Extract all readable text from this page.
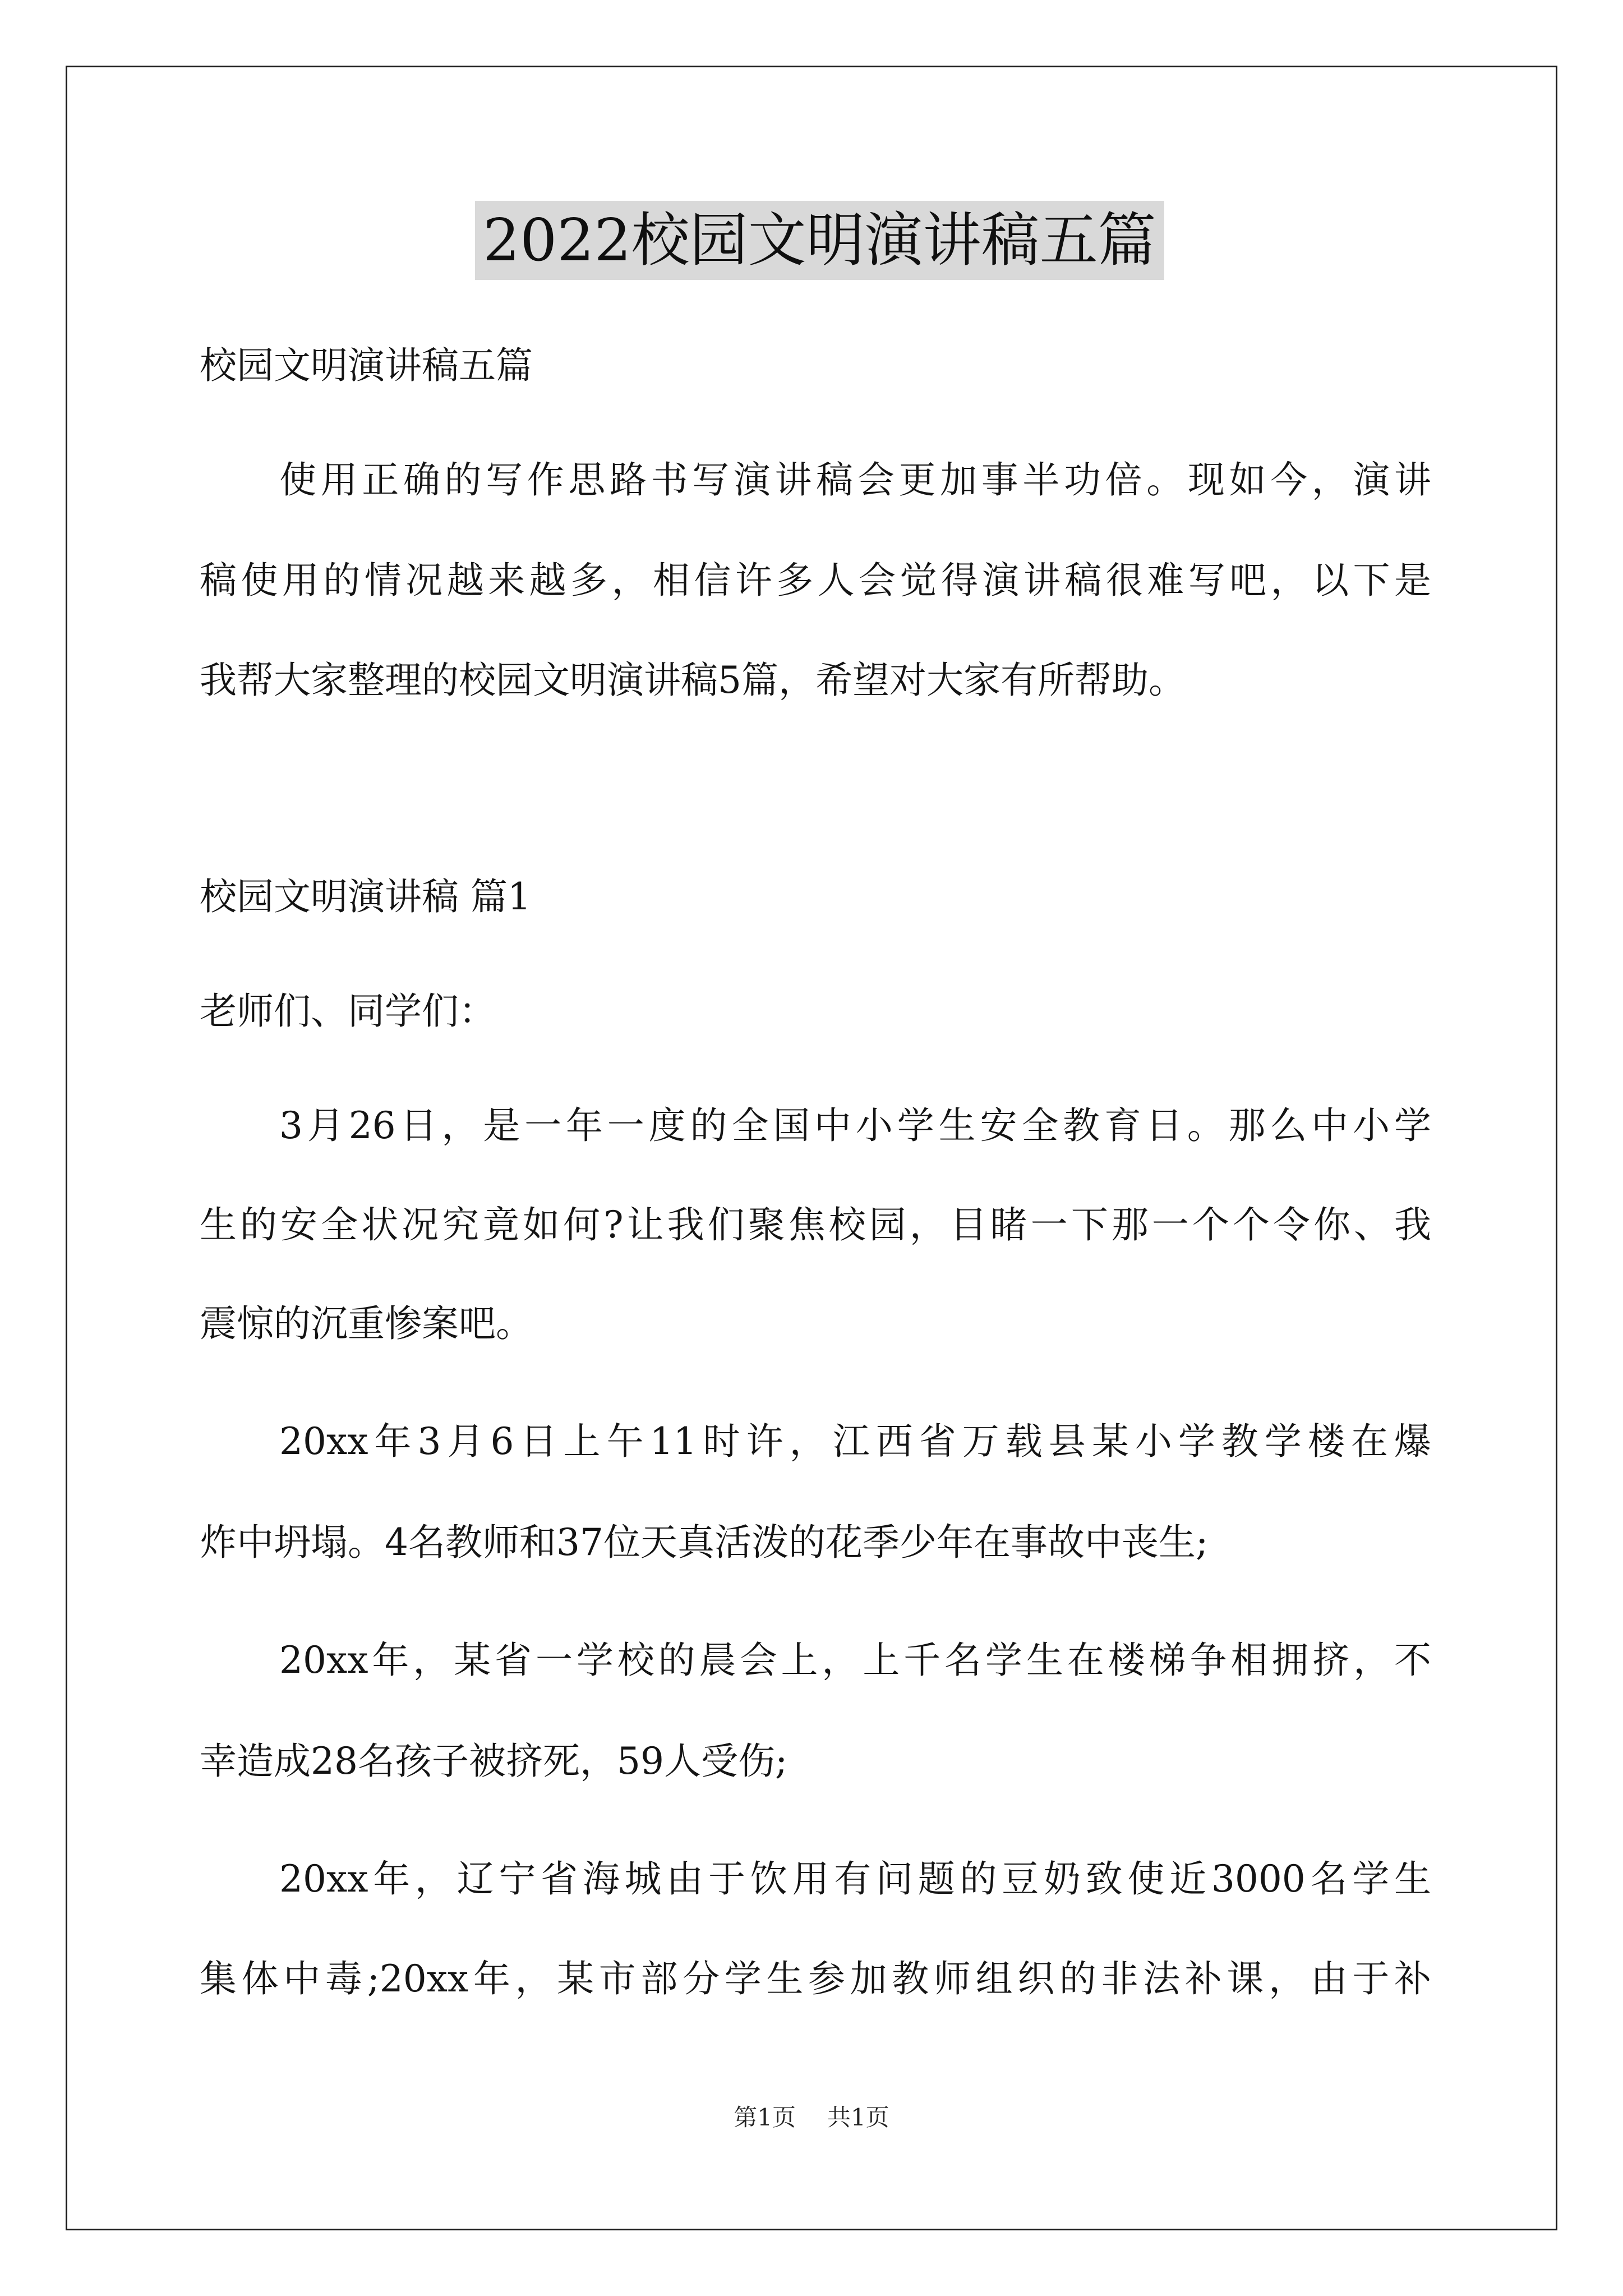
2022校园文明演讲稿五篇
校园文明演讲稿五篇
使用正确的写作思路书写演讲稿会更加事半功倍。现如今，演讲
稿使用的情况越来越多，相信许多人会觉得演讲稿很难写吧，以下是
我帮大家整理的校园文明演讲稿5篇，希望对大家有所帮助。
校园文明演讲稿 篇1
老师们、同学们：
3月26日，是一年一度的全国中小学生安全教育日。那么中小学
生的安全状况究竟如何?让我们聚焦校园，目睹一下那一个个令你、我
震惊的沉重惨案吧。
20xx年3月6日上午11时许，江西省万载县某小学教学楼在爆
炸中坍塌。4名教师和37位天真活泼的花季少年在事故中丧生;
20xx年，某省一学校的晨会上，上千名学生在楼梯争相拥挤，不
幸造成28名孩子被挤死，59人受伤;
20xx年，辽宁省海城由于饮用有问题的豆奶致使近3000名学生
集体中毒;20xx年，某市部分学生参加教师组织的非法补课，由于补
第1页 共1页
